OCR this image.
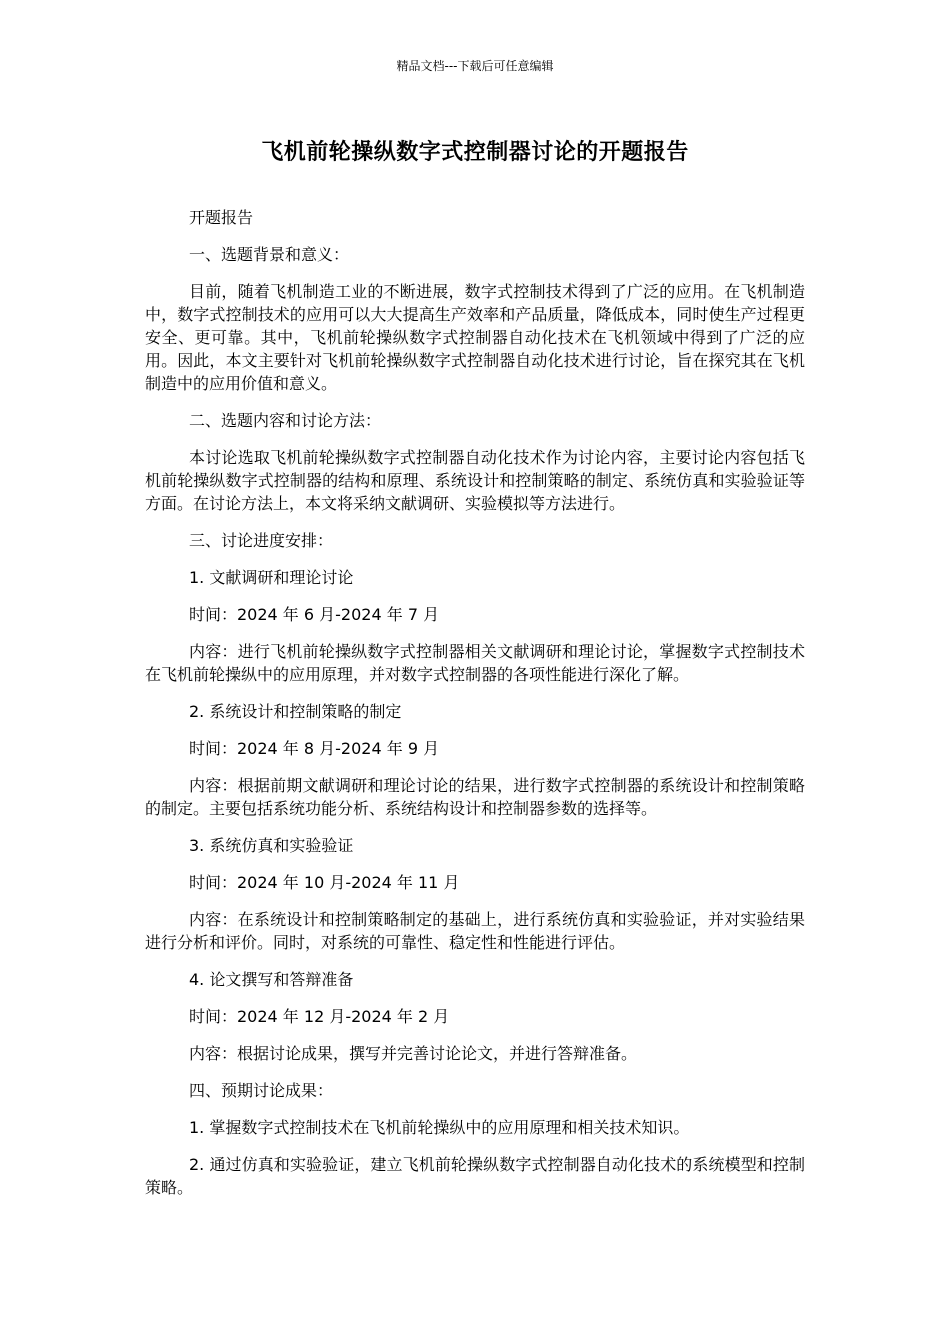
精品文档---下载后可任意编辑
飞机前轮操纵数字式控制器讨论的开题报告

开题报告

一、选题背景和意义：

目前，随着飞机制造工业的不断进展，数字式控制技术得到了广泛的应用。在飞机制造中，数字式控制技术的应用可以大大提高生产效率和产品质量，降低成本，同时使生产过程更安全、更可靠。其中，飞机前轮操纵数字式控制器自动化技术在飞机领域中得到了广泛的应用。因此，本文主要针对飞机前轮操纵数字式控制器自动化技术进行讨论，旨在探究其在飞机制造中的应用价值和意义。

二、选题内容和讨论方法：

本讨论选取飞机前轮操纵数字式控制器自动化技术作为讨论内容，主要讨论内容包括飞机前轮操纵数字式控制器的结构和原理、系统设计和控制策略的制定、系统仿真和实验验证等方面。在讨论方法上，本文将采纳文献调研、实验模拟等方法进行。

三、讨论进度安排：

1. 文献调研和理论讨论

时间：2024 年 6 月-2024 年 7 月

内容：进行飞机前轮操纵数字式控制器相关文献调研和理论讨论，掌握数字式控制技术在飞机前轮操纵中的应用原理，并对数字式控制器的各项性能进行深化了解。

2. 系统设计和控制策略的制定

时间：2024 年 8 月-2024 年 9 月

内容：根据前期文献调研和理论讨论的结果，进行数字式控制器的系统设计和控制策略的制定。主要包括系统功能分析、系统结构设计和控制器参数的选择等。

3. 系统仿真和实验验证

时间：2024 年 10 月-2024 年 11 月

内容：在系统设计和控制策略制定的基础上，进行系统仿真和实验验证，并对实验结果进行分析和评价。同时，对系统的可靠性、稳定性和性能进行评估。

4. 论文撰写和答辩准备

时间：2024 年 12 月-2024 年 2 月

内容：根据讨论成果，撰写并完善讨论论文，并进行答辩准备。

四、预期讨论成果：

1. 掌握数字式控制技术在飞机前轮操纵中的应用原理和相关技术知识。

2. 通过仿真和实验验证，建立飞机前轮操纵数字式控制器自动化技术的系统模型和控制策略。
